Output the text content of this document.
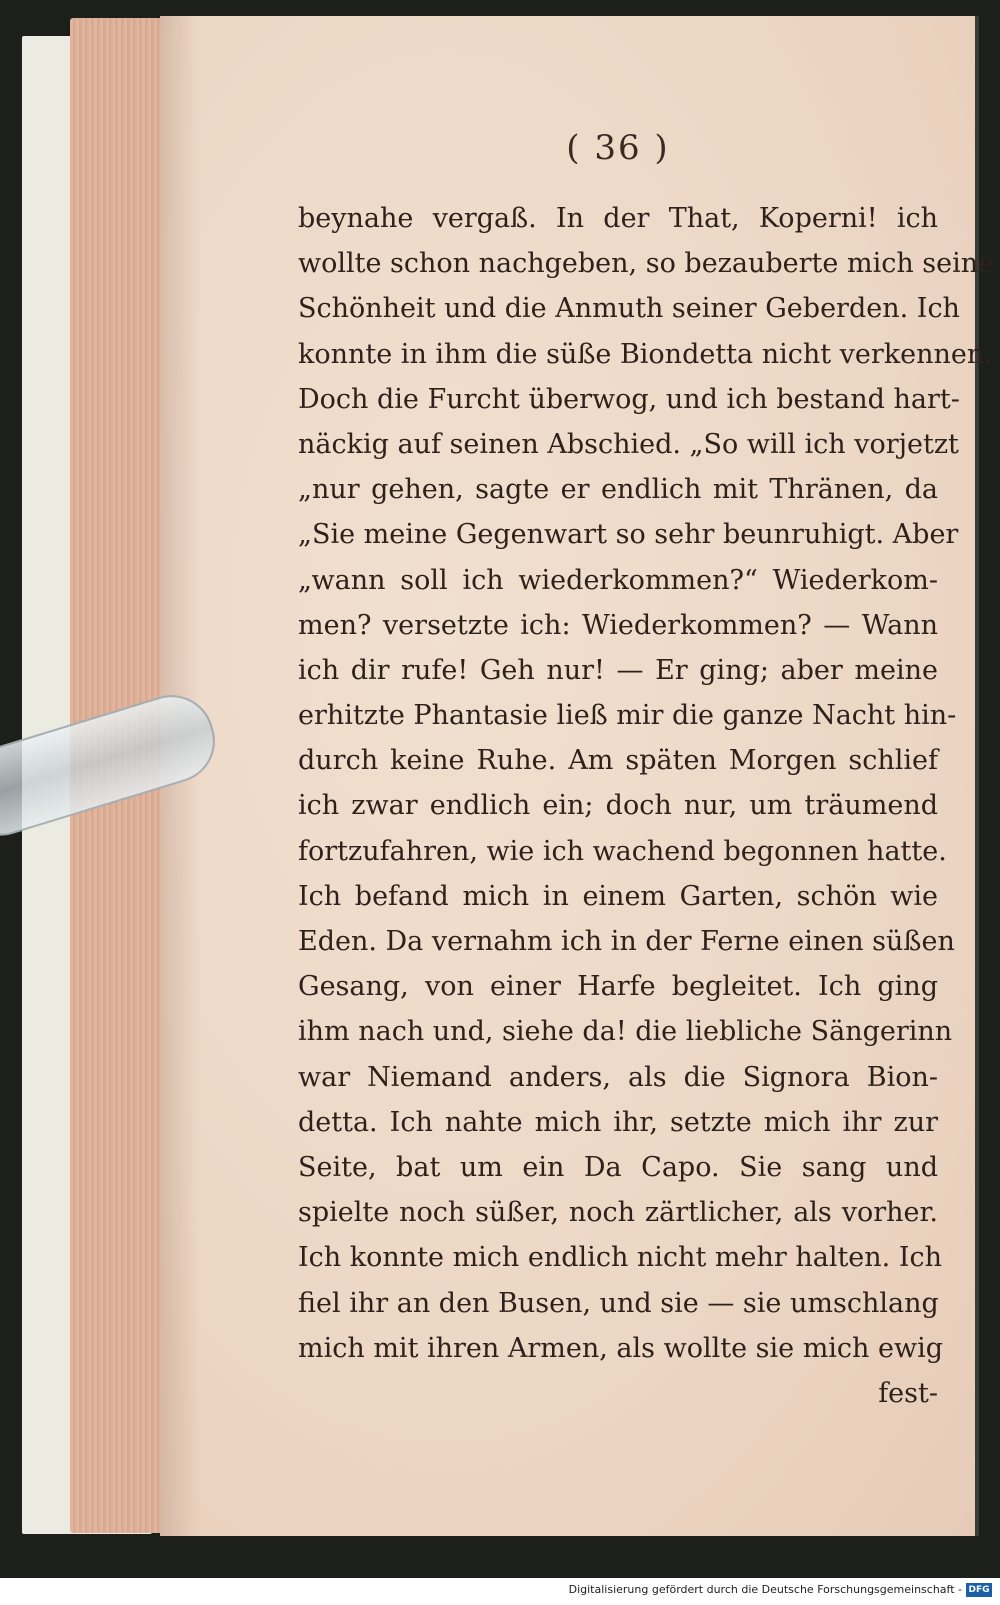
( 36 )
beynahe vergaß. In der That, Koperni! ich
wollte schon nachgeben, so bezauberte mich seine
Schönheit und die Anmuth seiner Geberden. Ich
konnte in ihm die süße Biondetta nicht verkennen.
Doch die Furcht überwog, und ich bestand hart-
näckig auf seinen Abschied. „So will ich vorjetzt
„nur gehen, sagte er endlich mit Thränen, da
„Sie meine Gegenwart so sehr beunruhigt. Aber
„wann soll ich wiederkommen?“ Wiederkom-
men? versetzte ich: Wiederkommen? — Wann
ich dir rufe! Geh nur! — Er ging; aber meine
erhitzte Phantasie ließ mir die ganze Nacht hin-
durch keine Ruhe. Am späten Morgen schlief
ich zwar endlich ein; doch nur, um träumend
fortzufahren, wie ich wachend begonnen hatte.
Ich befand mich in einem Garten, schön wie
Eden. Da vernahm ich in der Ferne einen süßen
Gesang, von einer Harfe begleitet. Ich ging
ihm nach und, siehe da! die liebliche Sängerinn
war Niemand anders, als die Signora Bion-
detta. Ich nahte mich ihr, setzte mich ihr zur
Seite, bat um ein Da Capo. Sie sang und
spielte noch süßer, noch zärtlicher, als vorher.
Ich konnte mich endlich nicht mehr halten. Ich
fiel ihr an den Busen, und sie — sie umschlang
mich mit ihren Armen, als wollte sie mich ewig
fest-
Digitalisierung gefördert durch die Deutsche Forschungsgemeinschaft - DFG
